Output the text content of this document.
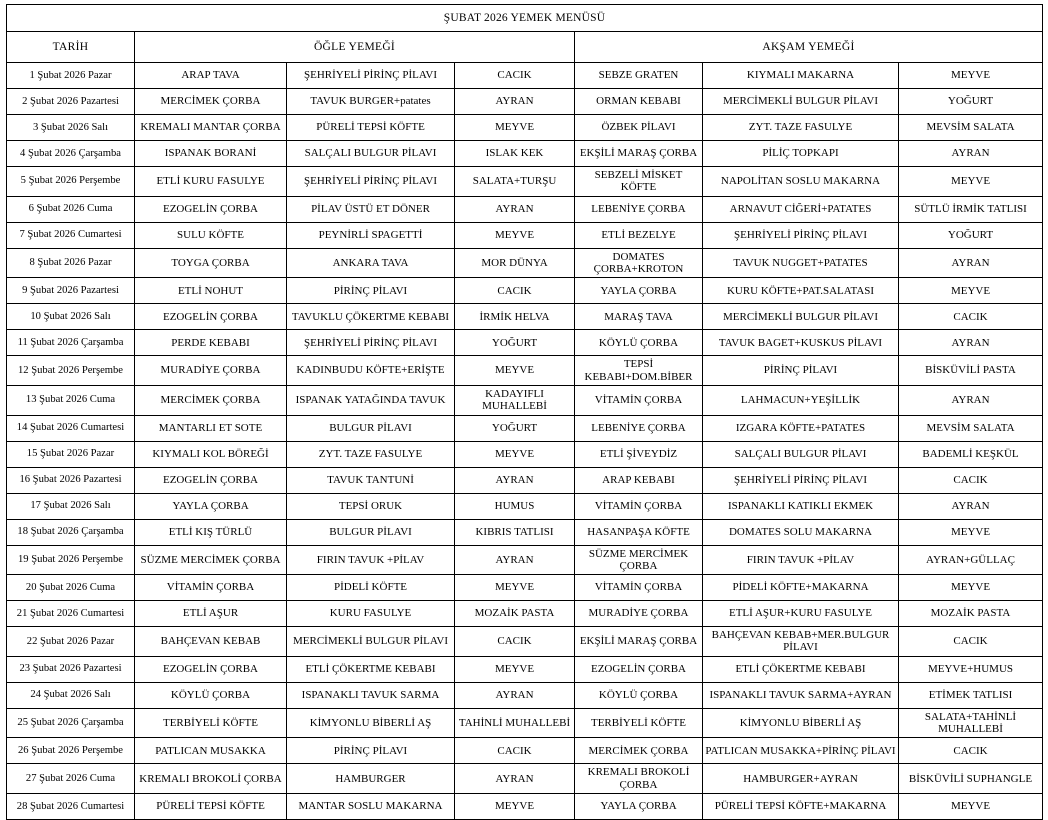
ŞUBAT 2026 YEMEK MENÜSÜ						
TARİH	ÖĞLE YEMEĞİ			AKŞAM YEMEĞİ		
1 Şubat 2026 Pazar	ARAP TAVA	ŞEHRİYELİ PİRİNÇ PİLAVI	CACIK	SEBZE GRATEN	KIYMALI MAKARNA	MEYVE
2 Şubat 2026 Pazartesi	MERCİMEK ÇORBA	TAVUK BURGER+patates	AYRAN	ORMAN KEBABI	MERCİMEKLİ BULGUR PİLAVI	YOĞURT
3 Şubat 2026 Salı	KREMALI MANTAR ÇORBA	PÜRELİ TEPSİ KÖFTE	MEYVE	ÖZBEK PİLAVI	ZYT. TAZE FASULYE	MEVSİM SALATA
4 Şubat 2026 Çarşamba	ISPANAK BORANİ	SALÇALI BULGUR PİLAVI	ISLAK KEK	EKŞİLİ MARAŞ ÇORBA	PİLİÇ TOPKAPI	AYRAN
5 Şubat 2026 Perşembe	ETLİ KURU FASULYE	ŞEHRİYELİ PİRİNÇ PİLAVI	SALATA+TURŞU	SEBZELİ MİSKET KÖFTE	NAPOLİTAN SOSLU MAKARNA	MEYVE
6 Şubat 2026 Cuma	EZOGELİN ÇORBA	PİLAV ÜSTÜ ET DÖNER	AYRAN	LEBENİYE ÇORBA	ARNAVUT CİĞERİ+PATATES	SÜTLÜ İRMİK TATLISI
7 Şubat 2026 Cumartesi	SULU KÖFTE	PEYNİRLİ SPAGETTİ	MEYVE	ETLİ BEZELYE	ŞEHRİYELİ PİRİNÇ PİLAVI	YOĞURT
8 Şubat 2026 Pazar	TOYGA ÇORBA	ANKARA TAVA	MOR DÜNYA	DOMATES ÇORBA+KROTON	TAVUK NUGGET+PATATES	AYRAN
9 Şubat 2026 Pazartesi	ETLİ NOHUT	PİRİNÇ PİLAVI	CACIK	YAYLA ÇORBA	KURU KÖFTE+PAT.SALATASI	MEYVE
10 Şubat 2026 Salı	EZOGELİN ÇORBA	TAVUKLU ÇÖKERTME KEBABI	İRMİK HELVA	MARAŞ TAVA	MERCİMEKLİ BULGUR PİLAVI	CACIK
11 Şubat 2026 Çarşamba	PERDE KEBABI	ŞEHRİYELİ PİRİNÇ PİLAVI	YOĞURT	KÖYLÜ ÇORBA	TAVUK BAGET+KUSKUS PİLAVI	AYRAN
12 Şubat 2026 Perşembe	MURADİYE ÇORBA	KADINBUDU KÖFTE+ERİŞTE	MEYVE	TEPSİ KEBABI+DOM.BİBER	PİRİNÇ PİLAVI	BİSKÜVİLİ PASTA
13 Şubat 2026 Cuma	MERCİMEK ÇORBA	ISPANAK YATAĞINDA TAVUK	KADAYIFLI MUHALLEBİ	VİTAMİN ÇORBA	LAHMACUN+YEŞİLLİK	AYRAN
14 Şubat 2026 Cumartesi	MANTARLI ET SOTE	BULGUR PİLAVI	YOĞURT	LEBENİYE ÇORBA	IZGARA KÖFTE+PATATES	MEVSİM SALATA
15 Şubat 2026 Pazar	KIYMALI KOL BÖREĞİ	ZYT. TAZE FASULYE	MEYVE	ETLİ ŞİVEYDİZ	SALÇALI BULGUR PİLAVI	BADEMLİ KEŞKÜL
16 Şubat 2026 Pazartesi	EZOGELİN ÇORBA	TAVUK TANTUNİ	AYRAN	ARAP KEBABI	ŞEHRİYELİ PİRİNÇ PİLAVI	CACIK
17 Şubat 2026 Salı	YAYLA ÇORBA	TEPSİ ORUK	HUMUS	VİTAMİN ÇORBA	ISPANAKLI KATIKLI EKMEK	AYRAN
18 Şubat 2026 Çarşamba	ETLİ KIŞ TÜRLÜ	BULGUR PİLAVI	KIBRIS TATLISI	HASANPAŞA KÖFTE	DOMATES SOLU MAKARNA	MEYVE
19 Şubat 2026 Perşembe	SÜZME MERCİMEK ÇORBA	FIRIN TAVUK +PİLAV	AYRAN	SÜZME MERCİMEK ÇORBA	FIRIN TAVUK +PİLAV	AYRAN+GÜLLAÇ
20 Şubat 2026 Cuma	VİTAMİN ÇORBA	PİDELİ KÖFTE	MEYVE	VİTAMİN ÇORBA	PİDELİ KÖFTE+MAKARNA	MEYVE
21 Şubat 2026 Cumartesi	ETLİ AŞUR	KURU FASULYE	MOZAİK PASTA	MURADİYE ÇORBA	ETLİ AŞUR+KURU FASULYE	MOZAİK PASTA
22 Şubat 2026 Pazar	BAHÇEVAN KEBAB	MERCİMEKLİ BULGUR PİLAVI	CACIK	EKŞİLİ MARAŞ ÇORBA	BAHÇEVAN KEBAB+MER.BULGUR PİLAVI	CACIK
23 Şubat 2026 Pazartesi	EZOGELİN ÇORBA	ETLİ ÇÖKERTME KEBABI	MEYVE	EZOGELİN ÇORBA	ETLİ ÇÖKERTME KEBABI	MEYVE+HUMUS
24 Şubat 2026 Salı	KÖYLÜ ÇORBA	ISPANAKLI TAVUK SARMA	AYRAN	KÖYLÜ ÇORBA	ISPANAKLI TAVUK SARMA+AYRAN	ETİMEK TATLISI
25 Şubat 2026 Çarşamba	TERBİYELİ KÖFTE	KİMYONLU BİBERLİ AŞ	TAHİNLİ MUHALLEBİ	TERBİYELİ KÖFTE	KİMYONLU BİBERLİ AŞ	SALATA+TAHİNLİ MUHALLEBİ
26 Şubat 2026 Perşembe	PATLICAN MUSAKKA	PİRİNÇ PİLAVI	CACIK	MERCİMEK ÇORBA	PATLICAN MUSAKKA+PİRİNÇ PİLAVI	CACIK
27 Şubat 2026 Cuma	KREMALI BROKOLİ ÇORBA	HAMBURGER	AYRAN	KREMALI BROKOLİ ÇORBA	HAMBURGER+AYRAN	BİSKÜVİLİ SUPHANGLE
28 Şubat 2026 Cumartesi	PÜRELİ TEPSİ KÖFTE	MANTAR SOSLU MAKARNA	MEYVE	YAYLA ÇORBA	PÜRELİ TEPSİ KÖFTE+MAKARNA	MEYVE
